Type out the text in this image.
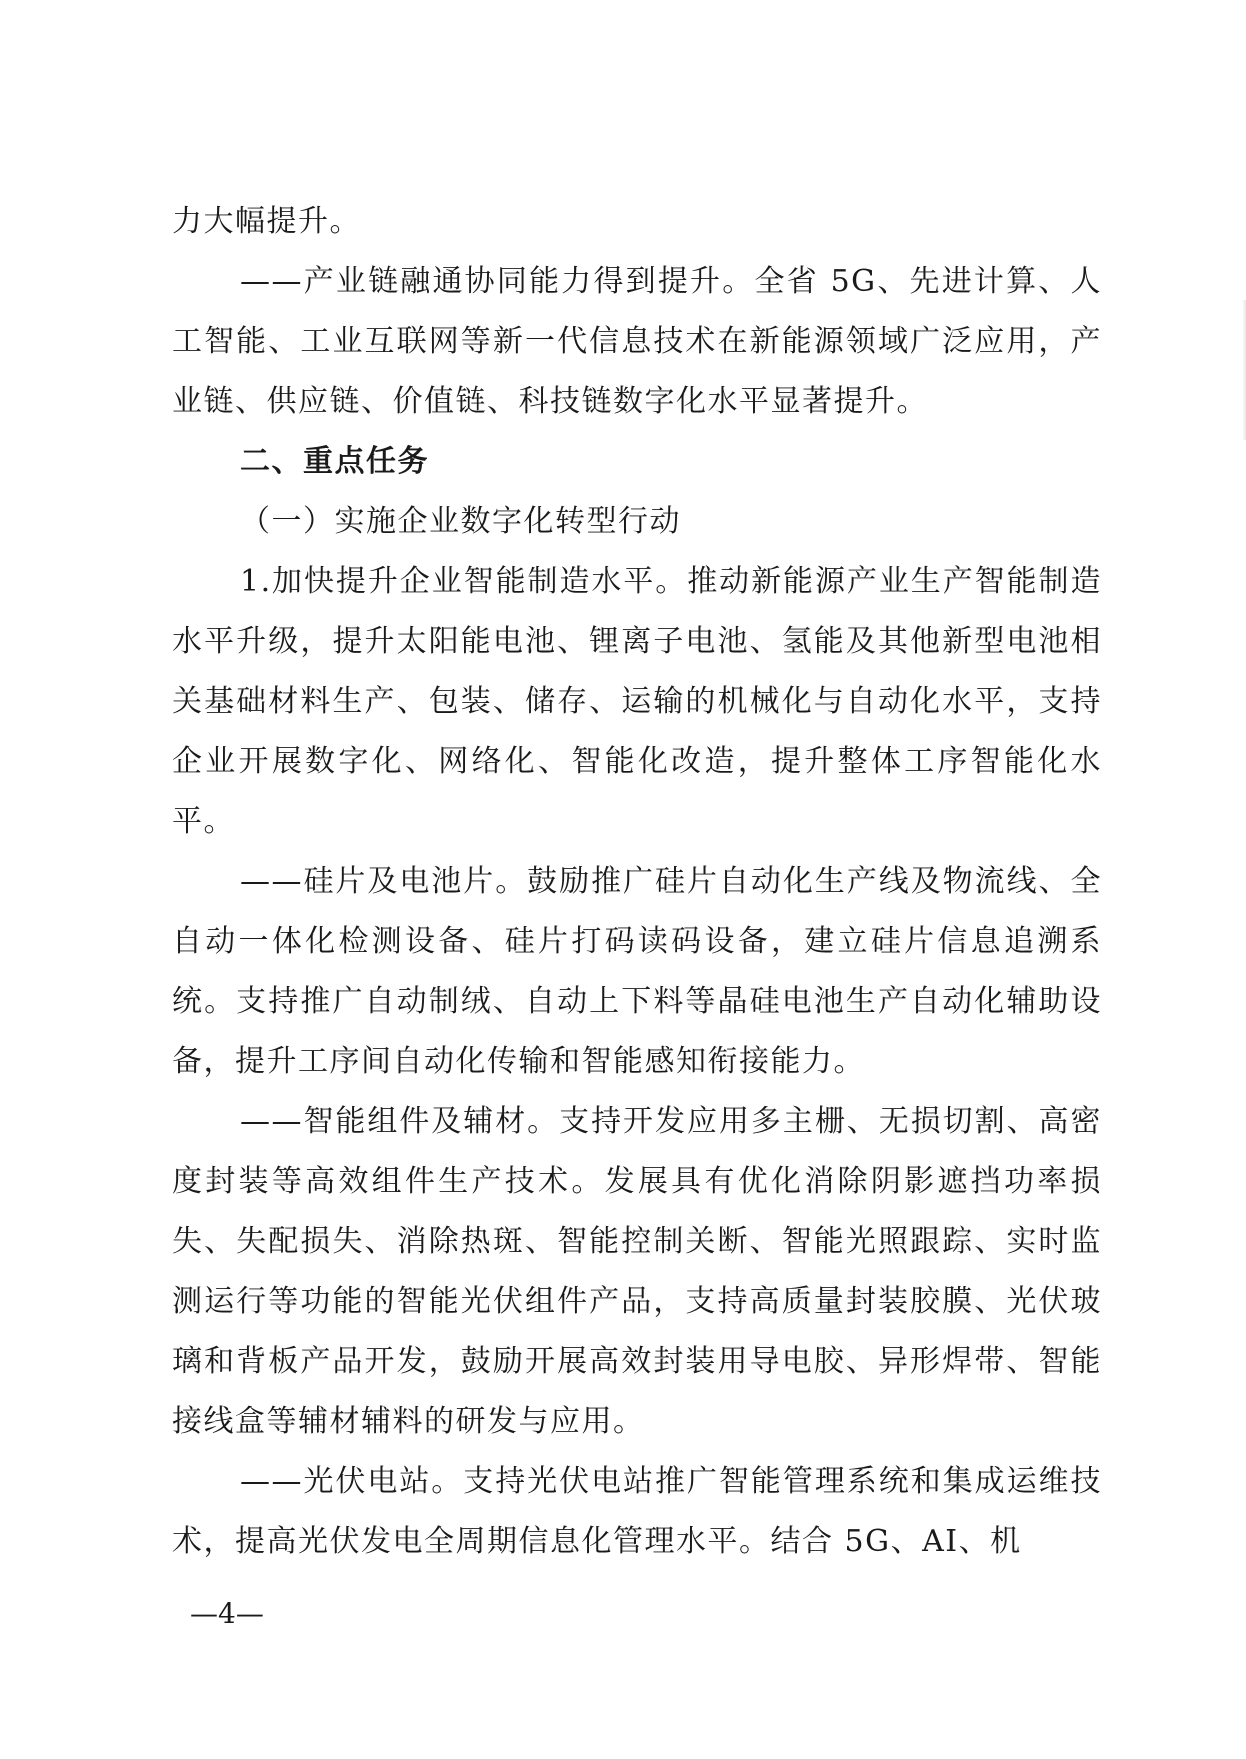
力大幅提升。

——产业链融通协同能力得到提升。全省 5G、先进计算、人工智能、工业互联网等新一代信息技术在新能源领域广泛应用，产业链、供应链、价值链、科技链数字化水平显著提升。

二、重点任务

（一）实施企业数字化转型行动

1.加快提升企业智能制造水平。推动新能源产业生产智能制造水平升级，提升太阳能电池、锂离子电池、氢能及其他新型电池相关基础材料生产、包装、储存、运输的机械化与自动化水平，支持企业开展数字化、网络化、智能化改造，提升整体工序智能化水平。

——硅片及电池片。鼓励推广硅片自动化生产线及物流线、全自动一体化检测设备、硅片打码读码设备，建立硅片信息追溯系统。支持推广自动制绒、自动上下料等晶硅电池生产自动化辅助设备，提升工序间自动化传输和智能感知衔接能力。

——智能组件及辅材。支持开发应用多主栅、无损切割、高密度封装等高效组件生产技术。发展具有优化消除阴影遮挡功率损失、失配损失、消除热斑、智能控制关断、智能光照跟踪、实时监测运行等功能的智能光伏组件产品，支持高质量封装胶膜、光伏玻璃和背板产品开发，鼓励开展高效封装用导电胶、异形焊带、智能接线盒等辅材辅料的研发与应用。

——光伏电站。支持光伏电站推广智能管理系统和集成运维技术，提高光伏发电全周期信息化管理水平。结合 5G、AI、机

—4—
